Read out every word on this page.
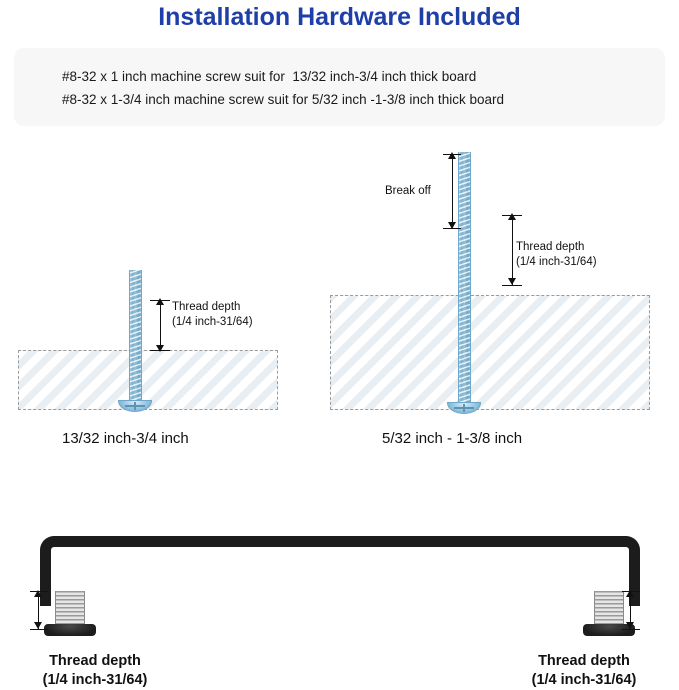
Installation Hardware Included
#8-32 x 1 inch machine screw suit for  13/32 inch-3/4 inch thick board
#8-32 x 1-3/4 inch machine screw suit for 5/32 inch -1-3/8 inch thick board
Thread depth
(1/4 inch-31/64)
13/32 inch-3/4 inch
Break off
Thread depth
(1/4 inch-31/64)
5/32 inch - 1-3/8 inch
Thread depth
(1/4 inch-31/64)
Thread depth
(1/4 inch-31/64)
